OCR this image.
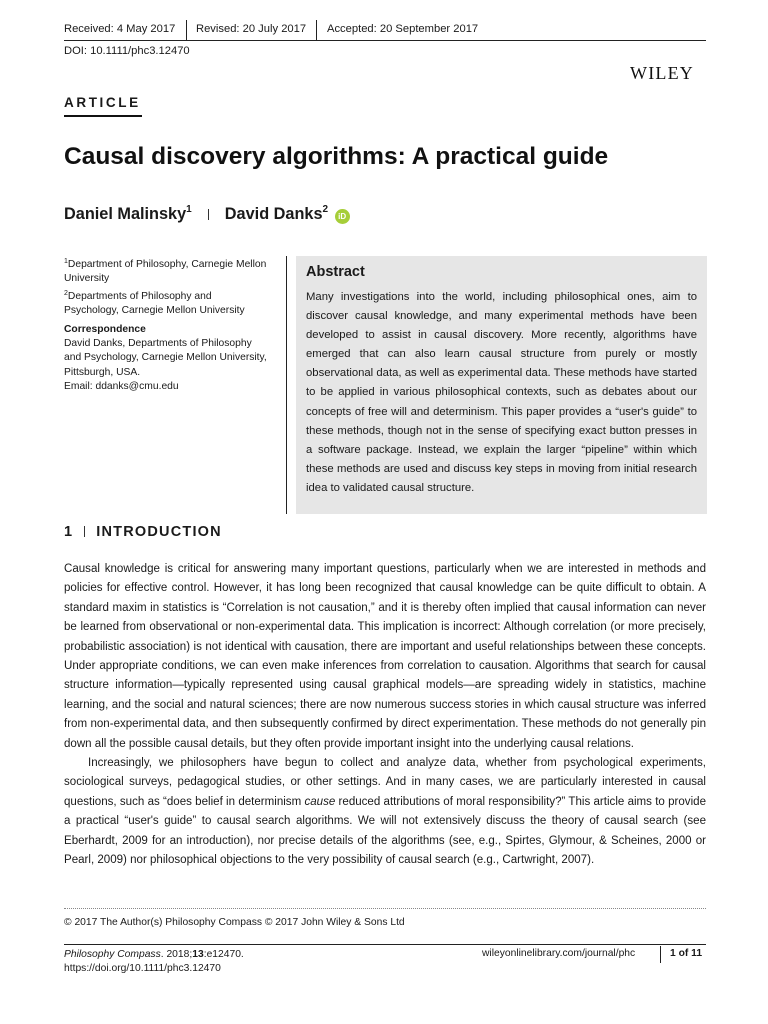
Received: 4 May 2017 Revised: 20 July 2017 Accepted: 20 September 2017
DOI: 10.1111/phc3.12470
WILEY
ARTICLE
Causal discovery algorithms: A practical guide
Daniel Malinsky$^1$ David Danks$^2$ iD
$^1$Department of Philosophy, Carnegie Mellon University
$^2$Departments of Philosophy and Psychology, Carnegie Mellon University
Correspondence
David Danks, Departments of Philosophy and Psychology, Carnegie Mellon University, Pittsburgh, USA.
Email: ddanks@cmu.edu
Abstract

Many investigations into the world, including philosophical ones, aim to discover causal knowledge, and many experimental methods have been developed to assist in causal discovery. More recently, algorithms have emerged that can also learn causal structure from purely or mostly observational data, as well as experimental data. These methods have started to be applied in various philosophical contexts, such as debates about our concepts of free will and determinism. This paper provides a “user's guide” to these methods, though not in the sense of specifying exact button presses in a software package. Instead, we explain the larger “pipeline” within which these methods are used and discuss key steps in moving from initial research idea to validated causal structure.

1 INTRODUCTION

Causal knowledge is critical for answering many important questions, particularly when we are interested in methods and policies for effective control. However, it has long been recognized that causal knowledge can be quite difficult to obtain. A standard maxim in statistics is “Correlation is not causation,” and it is thereby often implied that causal information can never be learned from observational or non-experimental data. This implication is incorrect: Although correlation (or more precisely, probabilistic association) is not identical with causation, there are important and useful relationships between these concepts. Under appropriate conditions, we can even make inferences from correlation to causation. Algorithms that search for causal structure information—typically represented using causal graphical models—are spreading widely in statistics, machine learning, and the social and natural sciences; there are now numerous success stories in which causal structure was inferred from non-experimental data, and then subsequently confirmed by direct experimentation. These methods do not generally pin down all the possible causal details, but they often provide important insight into the underlying causal relations.

Increasingly, we philosophers have begun to collect and analyze data, whether from psychological experiments, sociological surveys, pedagogical studies, or other settings. And in many cases, we are particularly interested in causal questions, such as “does belief in determinism cause reduced attributions of moral responsibility?” This article aims to provide a practical “user's guide” to causal search algorithms. We will not extensively discuss the theory of causal search (see Eberhardt, 2009 for an introduction), nor precise details of the algorithms (see, e.g., Spirtes, Glymour, & Scheines, 2000 or Pearl, 2009) nor philosophical objections to the very possibility of causal search (e.g., Cartwright, 2007).

© 2017 The Author(s) Philosophy Compass © 2017 John Wiley & Sons Ltd
Philosophy Compass. 2018;13:e12470.
https://doi.org/10.1111/phc3.12470
wileyonlinelibrary.com/journal/phc	1 of 11
